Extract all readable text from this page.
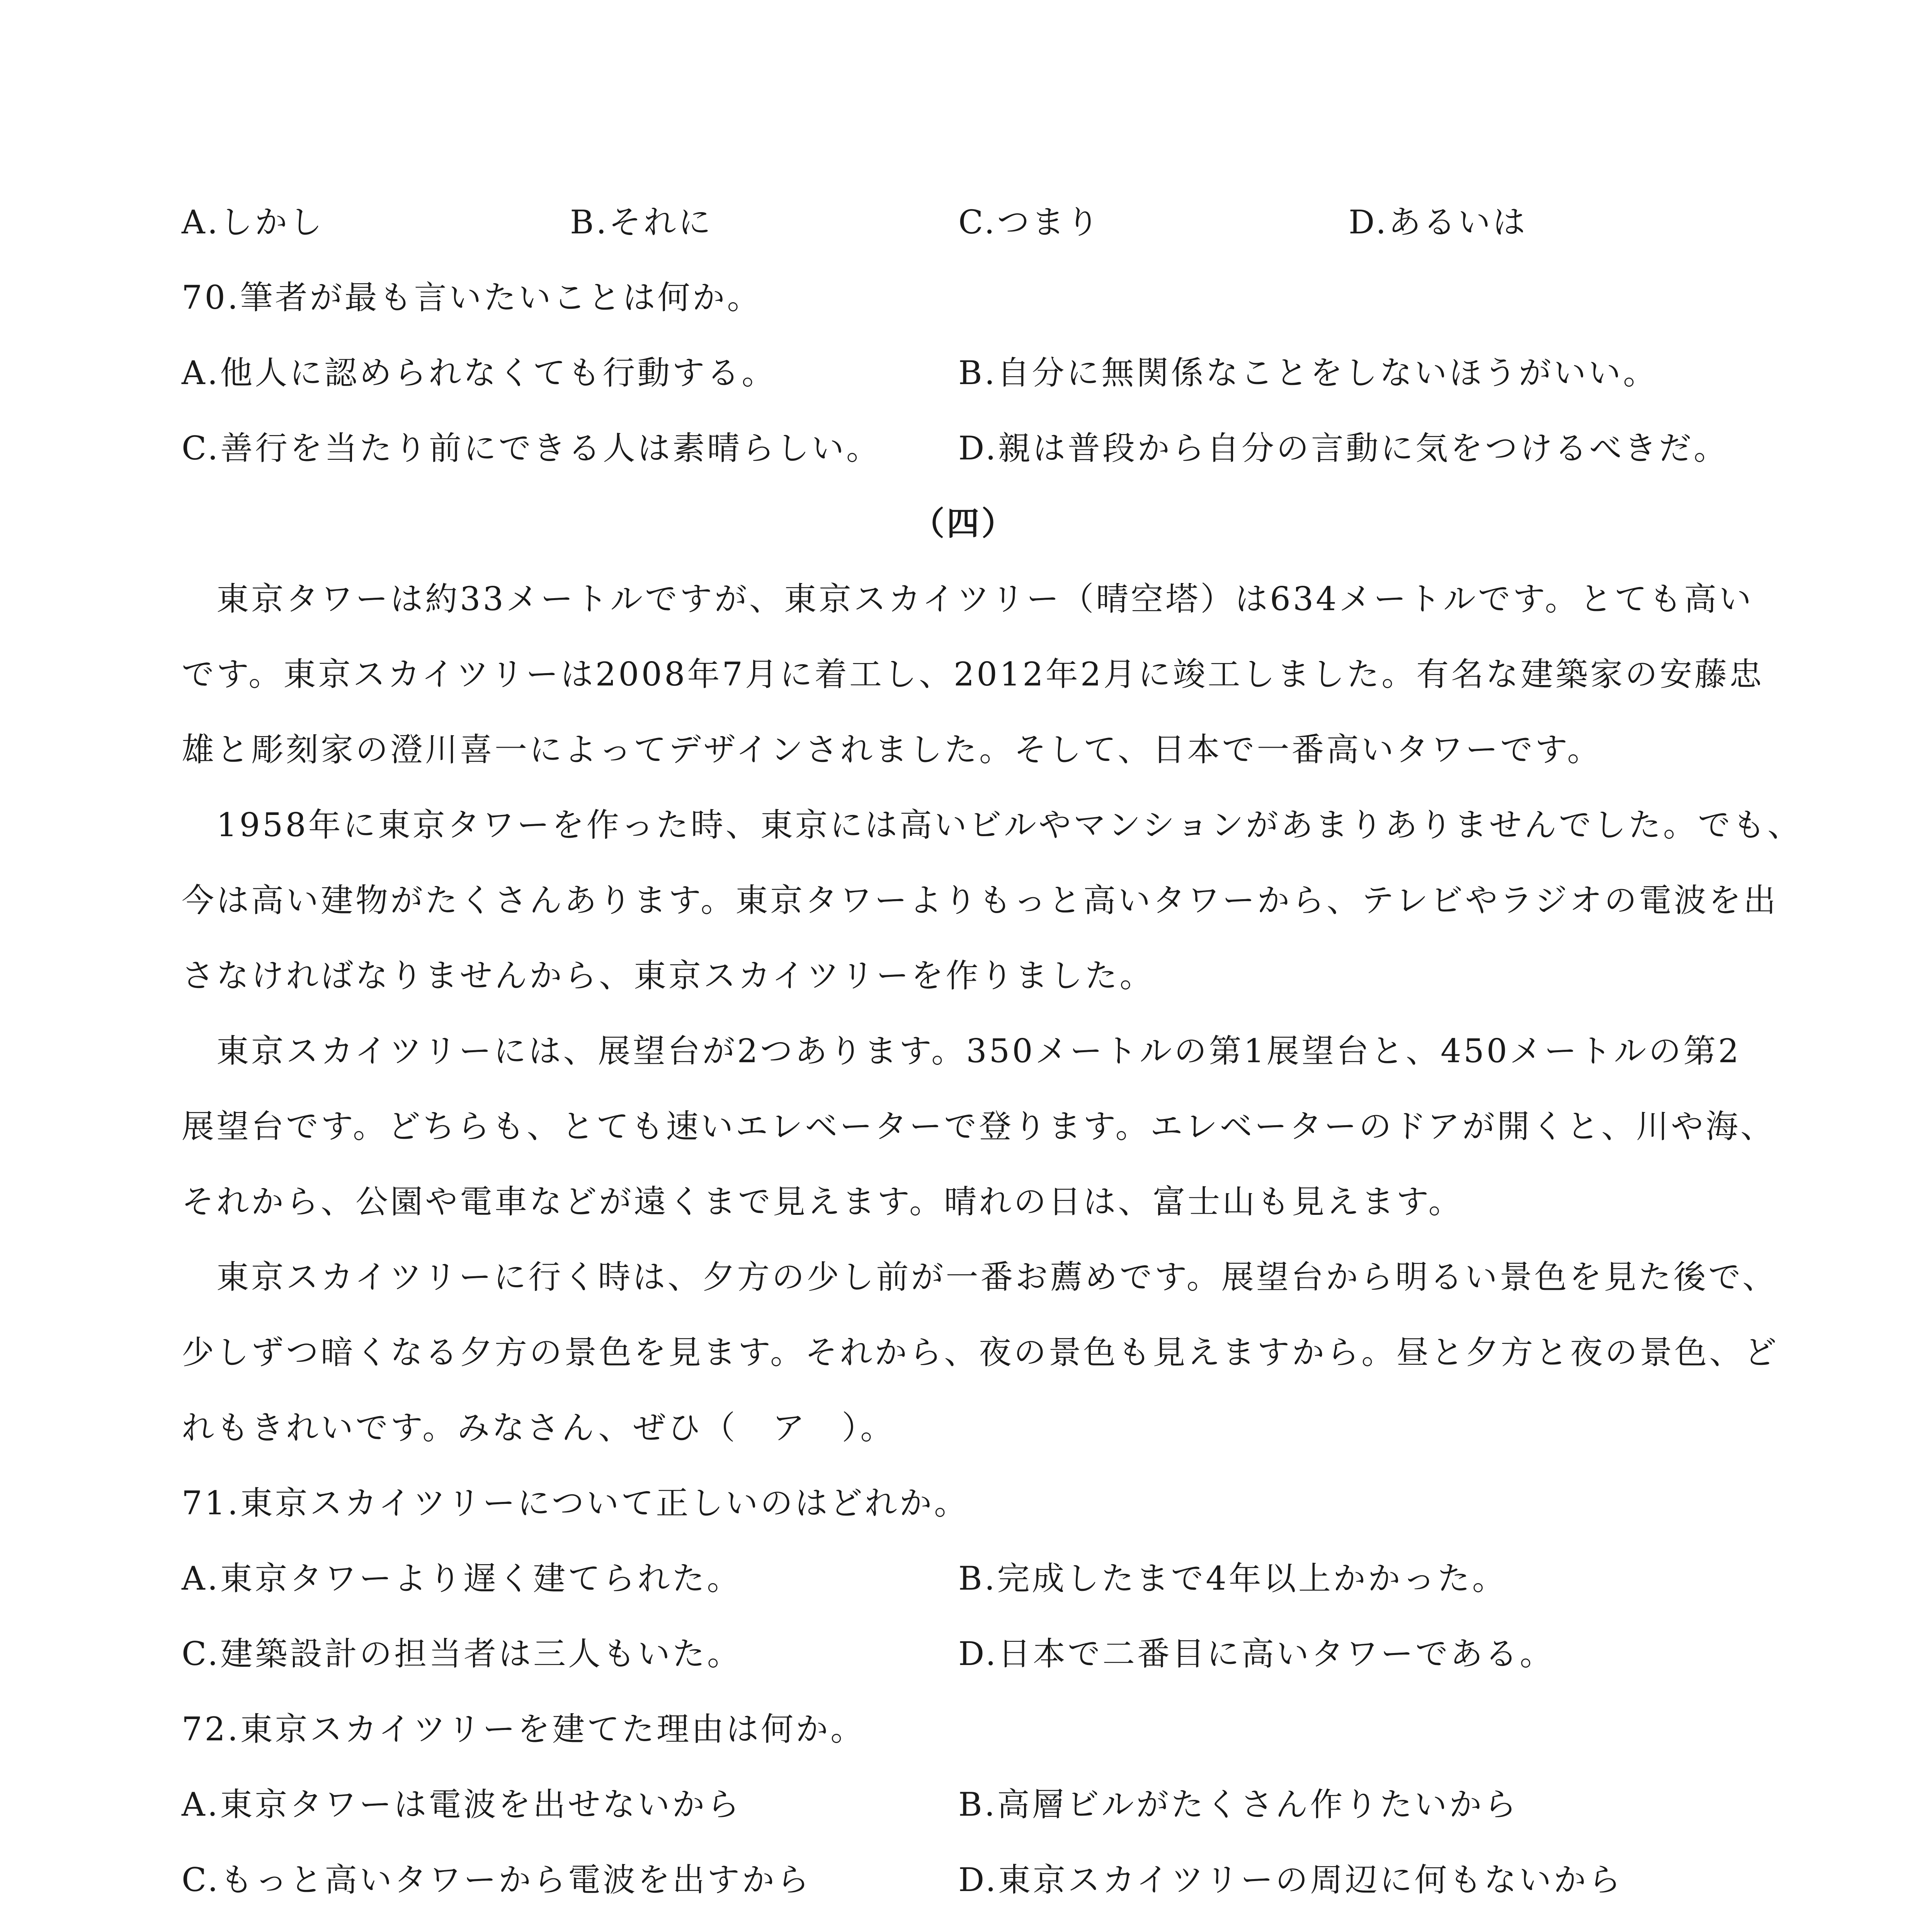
A.しかし	B.それに	C.つまり	D.あるいは
70.筆者が最も言いたいことは何か。
A.他人に認められなくても行動する。	B.自分に無関係なことをしないほうがいい。
C.善行を当たり前にできる人は素晴らしい。 D.親は普段から自分の言動に気をつけるべきだ。
（四）
東京タワーは約33メートルですが、東京スカイツリー（晴空塔）は634メートルです。とても高い
です。東京スカイツリーは2008年7月に着工し、2012年2月に竣工しました。有名な建築家の安藤忠
雄と彫刻家の澄川喜一によってデザインされました。そして、日本で一番高いタワーです。
1958年に東京タワーを作った時、東京には高いビルやマンションがあまりありませんでした。でも、
今は高い建物がたくさんあります。東京タワーよりもっと高いタワーから、テレビやラジオの電波を出
さなければなりませんから、東京スカイツリーを作りました。
東京スカイツリーには、展望台が2つあります。350メートルの第1展望台と、450メートルの第2
展望台です。どちらも、とても速いエレベーターで登ります。エレベーターのドアが開くと、川や海、
それから、公園や電車などが遠くまで見えます。晴れの日は、富士山も見えます。
東京スカイツリーに行く時は、夕方の少し前が一番お薦めです。展望台から明るい景色を見た後で、
少しずつ暗くなる夕方の景色を見ます。それから、夜の景色も見えますから。昼と夕方と夜の景色、ど
れもきれいです。みなさん、ぜひ（　ア　）。
71.東京スカイツリーについて正しいのはどれか。
A.東京タワーより遅く建てられた。	B.完成したまで4年以上かかった。
C.建築設計の担当者は三人もいた。	D.日本で二番目に高いタワーである。
72.東京スカイツリーを建てた理由は何か。
A.東京タワーは電波を出せないから	B.高層ビルがたくさん作りたいから
C.もっと高いタワーから電波を出すから	D.東京スカイツリーの周辺に何もないから
